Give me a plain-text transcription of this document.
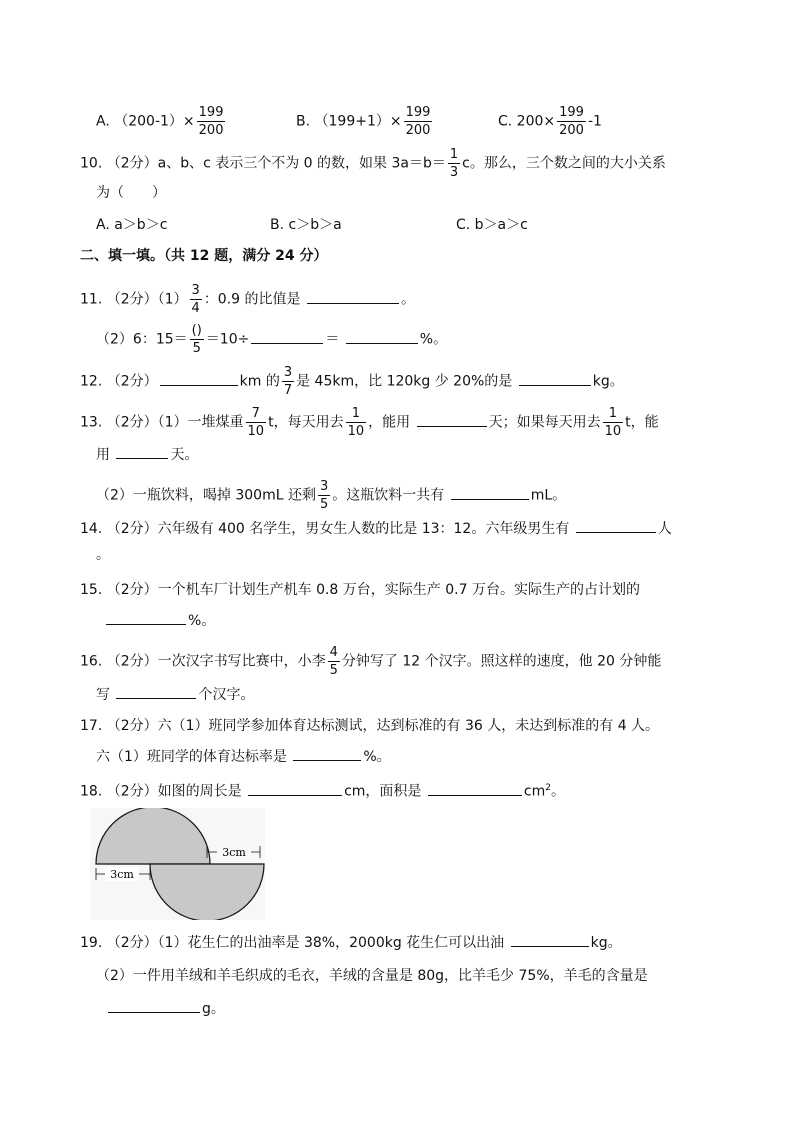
A. $(200-1)\times \frac{199}{200}$	B. $(199+1)\times \frac{199}{200}$	C. $200\times \frac{199}{200} -1$
10. （2分）a、b、c 表示三个不为 0 的数，如果 $3a=b= \frac{1}{3}$ c。那么，三个数之间的大小关系
为（　　）
A. a＞b＞c	B. c＞b＞a	C. b＞a＞c
二、填一填。（共 12 题，满分 24 分）
11. （2分）$(1) \frac{3}{4}$ ：0.9 的比值是	。
（2）6：$15= \frac{()}{5} =10\div$	＝	%。
12. （2分）	km 的 $\frac{3}{7}$ 是 45km，比 120kg 少 20%的是	kg。
13. （2分）（1）一堆煤重 $\frac{7}{10}$ t，每天用去 $\frac{1}{10}$ ，能用	天；如果每天用去 $\frac{1}{10}$ t，能
用	天。
（2）一瓶饮料，喝掉 300mL 还剩 $\frac{3}{5}$ 。这瓶饮料一共有	mL。
14. （2分）六年级有 400 名学生，男女生人数的比是 13：12。六年级男生有	人
。
15. （2分）一个机车厂计划生产机车 0.8 万台，实际生产 0.7 万台。实际生产的占计划的
%。
16. （2分）一次汉字书写比赛中，小李 $\frac{4}{5}$ 分钟写了 12 个汉字。照这样的速度，他 20 分钟能
写	个汉字。
17. （2分）六（1）班同学参加体育达标测试，达到标准的有 36 人，未达到标准的有 4 人。
六（1）班同学的体育达标率是	%。
18. （2分）如图的周长是	cm，面积是	$cm^2$。
3cm
3cm
19. （2分）（1）花生仁的出油率是 38%，2000kg 花生仁可以出油	kg。
（2）一件用羊绒和羊毛织成的毛衣，羊绒的含量是 80g，比羊毛少 75%，羊毛的含量是
g。
